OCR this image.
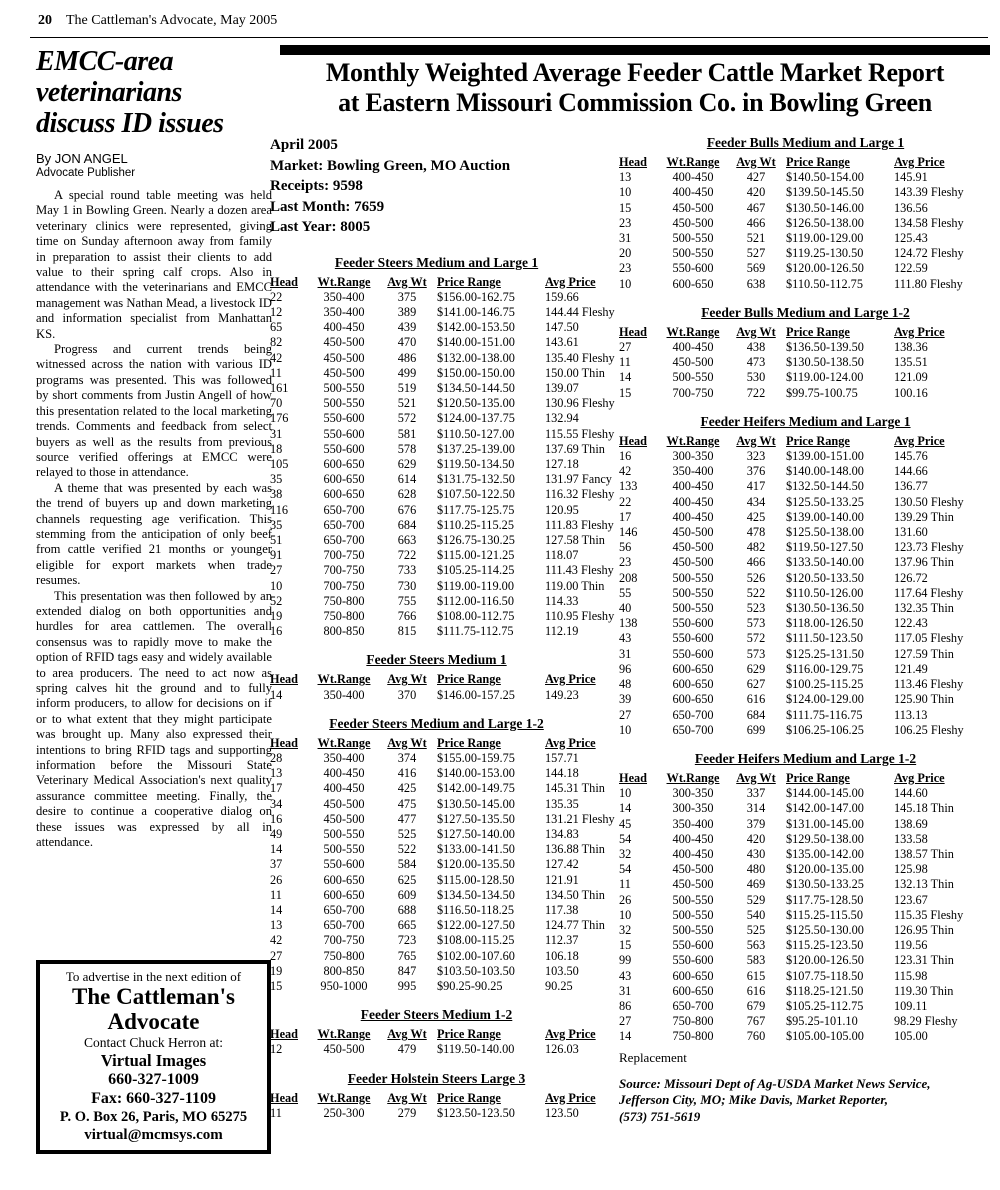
20 The Cattleman's Advocate, May 2005
EMCC-area
veterinarians
discuss ID issues
By JON ANGEL
Advocate Publisher

A special round table meeting was held May 1 in Bowling Green. Nearly a dozen area veterinary clinics were represented, giving time on Sunday afternoon away from family in preparation to assist their clients to add value to their spring calf crops. Also in attendance with the veterinarians and EMCC management was Nathan Mead, a livestock ID and information specialist from Manhattan KS.

Progress and current trends being witnessed across the nation with various ID programs was presented. This was followed by short comments from Justin Angell of how this presentation related to the local marketing trends. Comments and feedback from select buyers as well as the results from previous source verified offerings at EMCC were relayed to those in attendance.

A theme that was presented by each was the trend of buyers up and down marketing channels requesting age verification. This stemming from the anticipation of only beef from cattle verified 21 months or younger eligible for export markets when trade resumes.

This presentation was then followed by an extended dialog on both opportunities and hurdles for area cattlemen. The overall consensus was to rapidly move to make the option of RFID tags easy and widely available to area producers. The need to act now as spring calves hit the ground and to fully inform producers, to allow for decisions on if or to what extent that they might participate was brought up. Many also expressed their intentions to bring RFID tags and supporting information before the Missouri State Veterinary Medical Association's next quality assurance committee meeting. Finally, the desire to continue a cooperative dialog on these issues was expressed by all in attendance.

To advertise in the next edition of
The Cattleman's
Advocate
Contact Chuck Herron at:
Virtual Images
660-327-1009
Fax: 660-327-1109
P. O. Box 26, Paris, MO 65275
virtual@mcmsys.com
Monthly Weighted Average Feeder Cattle Market Report
at Eastern Missouri Commission Co. in Bowling Green
April 2005
Market: Bowling Green, MO Auction
Receipts: 9598
Last Month: 7659
Last Year: 8005
Feeder Steers Medium and Large 1
Head	Wt.Range	Avg Wt	Price Range	Avg Price
22	350-400	375	$156.00-162.75	159.66
12	350-400	389	$141.00-146.75	144.44 Fleshy
65	400-450	439	$142.00-153.50	147.50
82	450-500	470	$140.00-151.00	143.61
42	450-500	486	$132.00-138.00	135.40 Fleshy
11	450-500	499	$150.00-150.00	150.00 Thin
161	500-550	519	$134.50-144.50	139.07
70	500-550	521	$120.50-135.00	130.96 Fleshy
176	550-600	572	$124.00-137.75	132.94
31	550-600	581	$110.50-127.00	115.55 Fleshy
18	550-600	578	$137.25-139.00	137.69 Thin
105	600-650	629	$119.50-134.50	127.18
35	600-650	614	$131.75-132.50	131.97 Fancy
38	600-650	628	$107.50-122.50	116.32 Fleshy
116	650-700	676	$117.75-125.75	120.95
35	650-700	684	$110.25-115.25	111.83 Fleshy
51	650-700	663	$126.75-130.25	127.58 Thin
91	700-750	722	$115.00-121.25	118.07
27	700-750	733	$105.25-114.25	111.43 Fleshy
10	700-750	730	$119.00-119.00	119.00 Thin
52	750-800	755	$112.00-116.50	114.33
19	750-800	766	$108.00-112.75	110.95 Fleshy
16	800-850	815	$111.75-112.75	112.19
Feeder Steers Medium 1
Head	Wt.Range	Avg Wt	Price Range	Avg Price
14	350-400	370	$146.00-157.25	149.23
Feeder Steers Medium and Large 1-2
Head	Wt.Range	Avg Wt	Price Range	Avg Price
28	350-400	374	$155.00-159.75	157.71
13	400-450	416	$140.00-153.00	144.18
17	400-450	425	$142.00-149.75	145.31 Thin
34	450-500	475	$130.50-145.00	135.35
16	450-500	477	$127.50-135.50	131.21 Fleshy
49	500-550	525	$127.50-140.00	134.83
14	500-550	522	$133.00-141.50	136.88 Thin
37	550-600	584	$120.00-135.50	127.42
26	600-650	625	$115.00-128.50	121.91
11	600-650	609	$134.50-134.50	134.50 Thin
14	650-700	688	$116.50-118.25	117.38
13	650-700	665	$122.00-127.50	124.77 Thin
42	700-750	723	$108.00-115.25	112.37
27	750-800	765	$102.00-107.60	106.18
19	800-850	847	$103.50-103.50	103.50
15	950-1000	995	$90.25-90.25	90.25
Feeder Steers Medium 1-2
Head	Wt.Range	Avg Wt	Price Range	Avg Price
12	450-500	479	$119.50-140.00	126.03
Feeder Holstein Steers Large 3
Head	Wt.Range	Avg Wt	Price Range	Avg Price
11	250-300	279	$123.50-123.50	123.50
Feeder Bulls Medium and Large 1
Head	Wt.Range	Avg Wt	Price Range	Avg Price
13	400-450	427	$140.50-154.00	145.91
10	400-450	420	$139.50-145.50	143.39 Fleshy
15	450-500	467	$130.50-146.00	136.56
23	450-500	466	$126.50-138.00	134.58 Fleshy
31	500-550	521	$119.00-129.00	125.43
20	500-550	527	$119.25-130.50	124.72 Fleshy
23	550-600	569	$120.00-126.50	122.59
10	600-650	638	$110.50-112.75	111.80 Fleshy
Feeder Bulls Medium and Large 1-2
Head	Wt.Range	Avg Wt	Price Range	Avg Price
27	400-450	438	$136.50-139.50	138.36
11	450-500	473	$130.50-138.50	135.51
14	500-550	530	$119.00-124.00	121.09
15	700-750	722	$99.75-100.75	100.16
Feeder Heifers Medium and Large 1
Head	Wt.Range	Avg Wt	Price Range	Avg Price
16	300-350	323	$139.00-151.00	145.76
42	350-400	376	$140.00-148.00	144.66
133	400-450	417	$132.50-144.50	136.77
22	400-450	434	$125.50-133.25	130.50 Fleshy
17	400-450	425	$139.00-140.00	139.29 Thin
146	450-500	478	$125.50-138.00	131.60
56	450-500	482	$119.50-127.50	123.73 Fleshy
23	450-500	466	$133.50-140.00	137.96 Thin
208	500-550	526	$120.50-133.50	126.72
55	500-550	522	$110.50-126.00	117.64 Fleshy
40	500-550	523	$130.50-136.50	132.35 Thin
138	550-600	573	$118.00-126.50	122.43
43	550-600	572	$111.50-123.50	117.05 Fleshy
31	550-600	573	$125.25-131.50	127.59 Thin
96	600-650	629	$116.00-129.75	121.49
48	600-650	627	$100.25-115.25	113.46 Fleshy
39	600-650	616	$124.00-129.00	125.90 Thin
27	650-700	684	$111.75-116.75	113.13
10	650-700	699	$106.25-106.25	106.25 Fleshy
Feeder Heifers Medium and Large 1-2
Head	Wt.Range	Avg Wt	Price Range	Avg Price
10	300-350	337	$144.00-145.00	144.60
14	300-350	314	$142.00-147.00	145.18 Thin
45	350-400	379	$131.00-145.00	138.69
54	400-450	420	$129.50-138.00	133.58
32	400-450	430	$135.00-142.00	138.57 Thin
54	450-500	480	$120.00-135.00	125.98
11	450-500	469	$130.50-133.25	132.13 Thin
26	500-550	529	$117.75-128.50	123.67
10	500-550	540	$115.25-115.50	115.35 Fleshy
32	500-550	525	$125.50-130.00	126.95 Thin
15	550-600	563	$115.25-123.50	119.56
99	550-600	583	$120.00-126.50	123.31 Thin
43	600-650	615	$107.75-118.50	115.98
31	600-650	616	$118.25-121.50	119.30 Thin
86	650-700	679	$105.25-112.75	109.11
27	750-800	767	$95.25-101.10	98.29 Fleshy
14	750-800	760	$105.00-105.00	105.00
Replacement
Source: Missouri Dept of Ag-USDA Market News Service,
Jefferson City, MO; Mike Davis, Market Reporter,
(573) 751-5619
